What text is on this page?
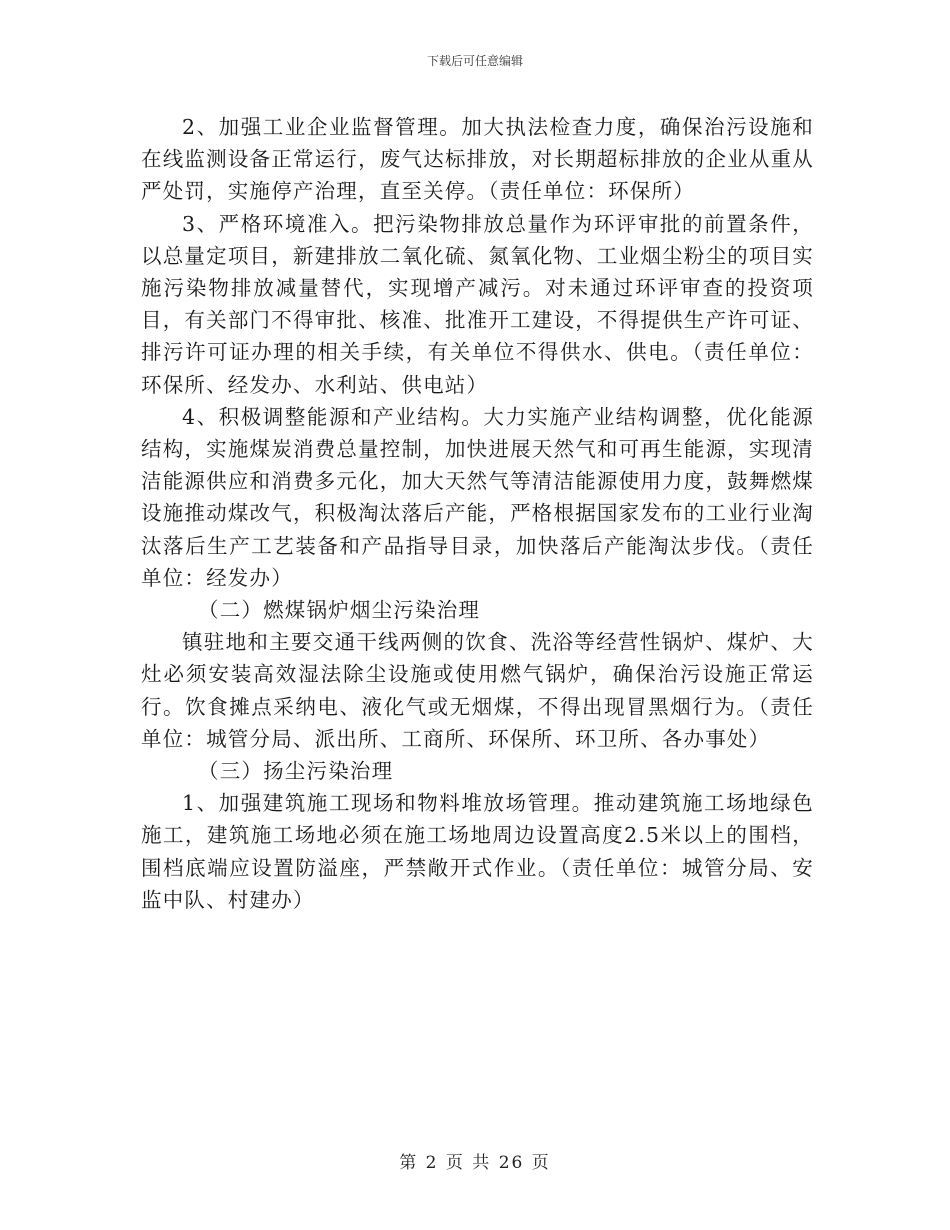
下载后可任意编辑

2、加强工业企业监督管理。加大执法检查力度，确保治污设施和在线监测设备正常运行，废气达标排放，对长期超标排放的企业从重从严处罚，实施停产治理，直至关停。（责任单位：环保所）

3、严格环境准入。把污染物排放总量作为环评审批的前置条件，以总量定项目，新建排放二氧化硫、氮氧化物、工业烟尘粉尘的项目实施污染物排放减量替代，实现增产减污。对未通过环评审查的投资项目，有关部门不得审批、核准、批准开工建设，不得提供生产许可证、排污许可证办理的相关手续，有关单位不得供水、供电。（责任单位：环保所、经发办、水利站、供电站）

4、积极调整能源和产业结构。大力实施产业结构调整，优化能源结构，实施煤炭消费总量控制，加快进展天然气和可再生能源，实现清洁能源供应和消费多元化，加大天然气等清洁能源使用力度，鼓舞燃煤设施推动煤改气，积极淘汰落后产能，严格根据国家发布的工业行业淘汰落后生产工艺装备和产品指导目录，加快落后产能淘汰步伐。（责任单位：经发办）

（二）燃煤锅炉烟尘污染治理

镇驻地和主要交通干线两侧的饮食、洗浴等经营性锅炉、煤炉、大灶必须安装高效湿法除尘设施或使用燃气锅炉，确保治污设施正常运行。饮食摊点采纳电、液化气或无烟煤，不得出现冒黑烟行为。（责任单位：城管分局、派出所、工商所、环保所、环卫所、各办事处）

（三）扬尘污染治理

1、加强建筑施工现场和物料堆放场管理。推动建筑施工场地绿色施工，建筑施工场地必须在施工场地周边设置高度2.5米以上的围档，围档底端应设置防溢座，严禁敞开式作业。（责任单位：城管分局、安监中队、村建办）

第 2 页 共 26 页
